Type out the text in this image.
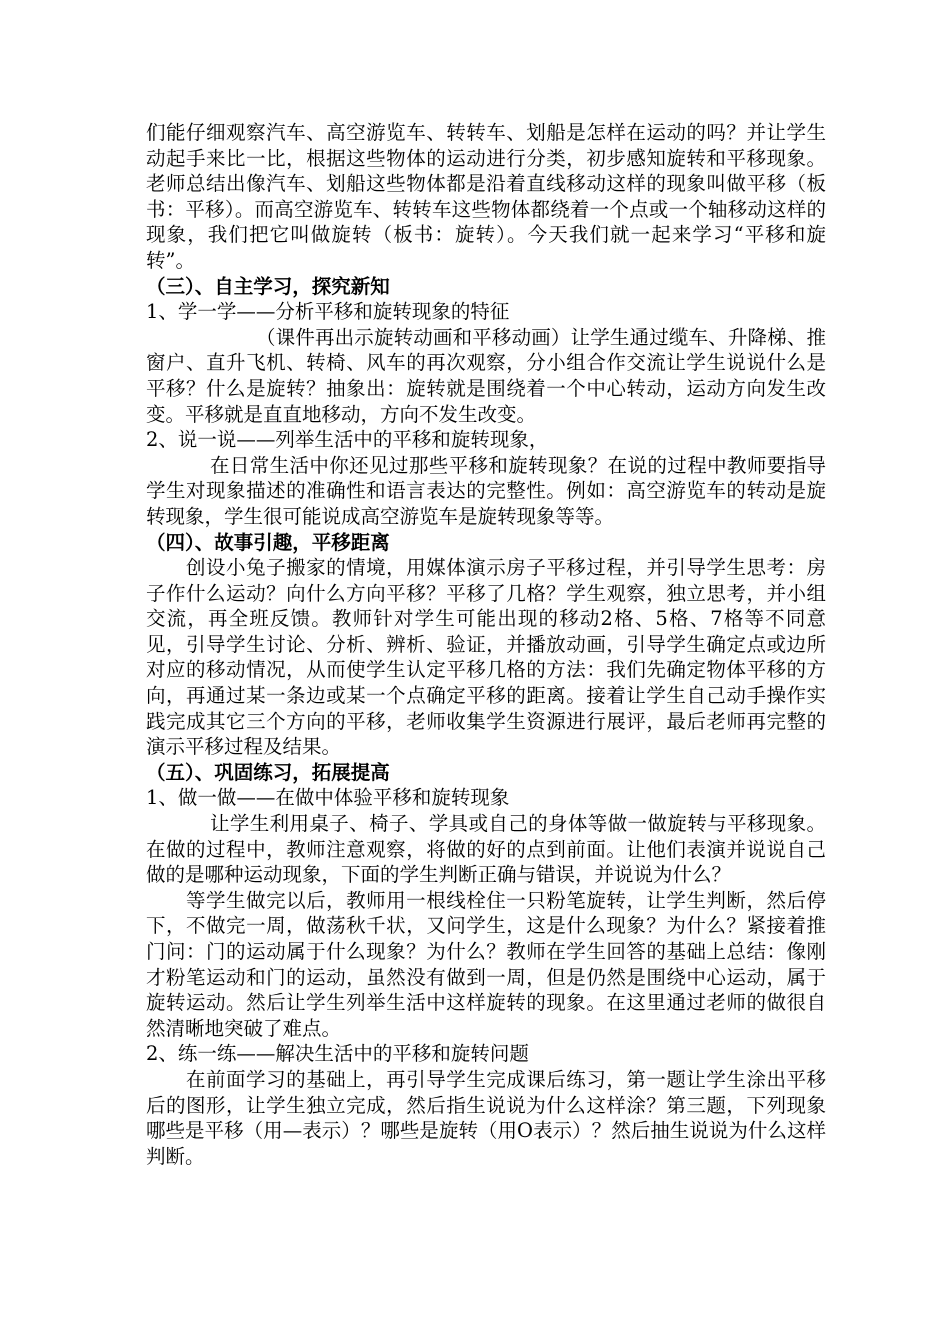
们能仔细观察汽车、高空游览车、转转车、划船是怎样在运动的吗？并让学生动起手来比一比，根据这些物体的运动进行分类，初步感知旋转和平移现象。老师总结出像汽车、划船这些物体都是沿着直线移动这样的现象叫做平移（板书：平移）。而高空游览车、转转车这些物体都绕着一个点或一个轴移动这样的现象，我们把它叫做旋转（板书：旋转）。今天我们就一起来学习“平移和旋转”。

（三）、自主学习，探究新知

1、学一学——分析平移和旋转现象的特征

（课件再出示旋转动画和平移动画）让学生通过缆车、升降梯、推窗户、直升飞机、转椅、风车的再次观察，分小组合作交流让学生说说什么是平移？什么是旋转？抽象出：旋转就是围绕着一个中心转动，运动方向发生改变。平移就是直直地移动，方向不发生改变。

2、说一说——列举生活中的平移和旋转现象，

在日常生活中你还见过那些平移和旋转现象？在说的过程中教师要指导学生对现象描述的准确性和语言表达的完整性。例如：高空游览车的转动是旋转现象，学生很可能说成高空游览车是旋转现象等等。

（四）、故事引趣，平移距离

创设小兔子搬家的情境，用媒体演示房子平移过程，并引导学生思考：房子作什么运动？向什么方向平移？平移了几格？学生观察，独立思考，并小组交流，再全班反馈。教师针对学生可能出现的移动2格、5格、7格等不同意见，引导学生讨论、分析、辨析、验证，并播放动画，引导学生确定点或边所对应的移动情况，从而使学生认定平移几格的方法：我们先确定物体平移的方向，再通过某一条边或某一个点确定平移的距离。接着让学生自己动手操作实践完成其它三个方向的平移，老师收集学生资源进行展评，最后老师再完整的演示平移过程及结果。

（五）、巩固练习，拓展提高

1、做一做——在做中体验平移和旋转现象

让学生利用桌子、椅子、学具或自己的身体等做一做旋转与平移现象。在做的过程中，教师注意观察，将做的好的点到前面。让他们表演并说说自己做的是哪种运动现象，下面的学生判断正确与错误，并说说为什么？

等学生做完以后，教师用一根线栓住一只粉笔旋转，让学生判断，然后停下，不做完一周，做荡秋千状，又问学生，这是什么现象？为什么？紧接着推门问：门的运动属于什么现象？为什么？教师在学生回答的基础上总结：像刚才粉笔运动和门的运动，虽然没有做到一周，但是仍然是围绕中心运动，属于旋转运动。然后让学生列举生活中这样旋转的现象。在这里通过老师的做很自然清晰地突破了难点。

2、练一练——解决生活中的平移和旋转问题

在前面学习的基础上，再引导学生完成课后练习，第一题让学生涂出平移后的图形，让学生独立完成，然后指生说说为什么这样涂？第三题，下列现象哪些是平移（用—表示）？哪些是旋转（用O表示）？然后抽生说说为什么这样判断。
